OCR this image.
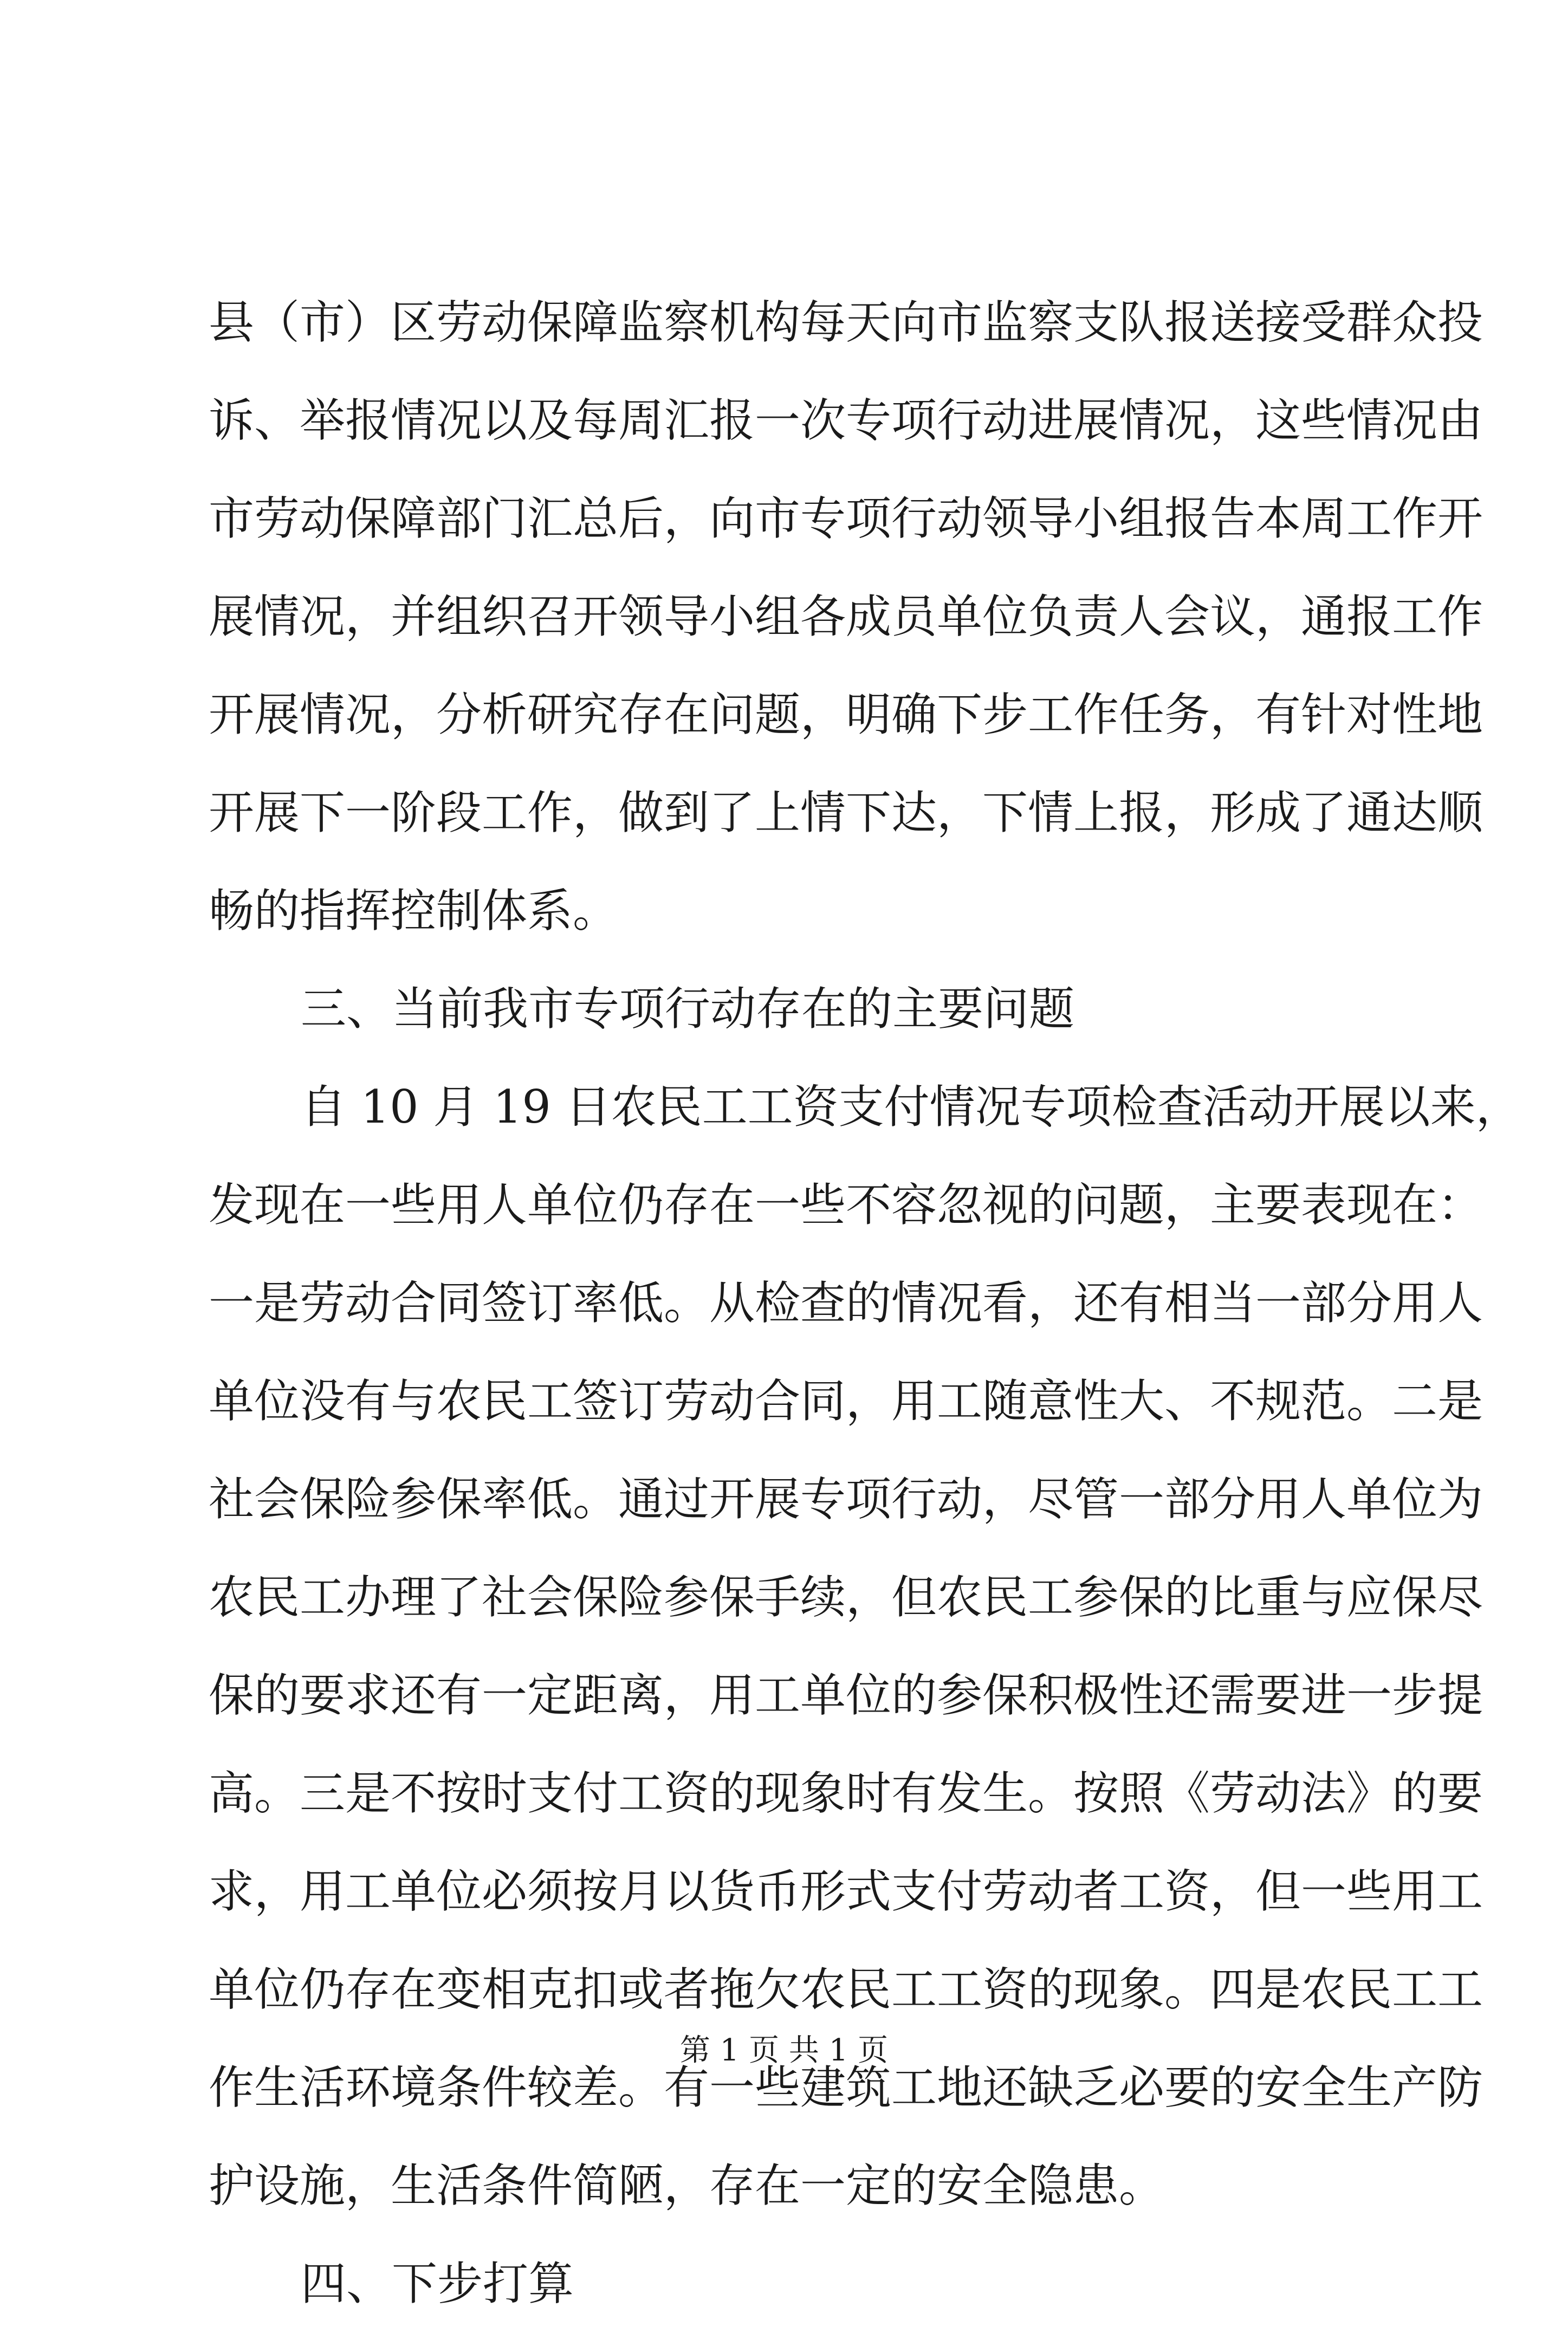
县（市）区劳动保障监察机构每天向市监察支队报送接受群众投
诉、举报情况以及每周汇报一次专项行动进展情况，这些情况由
市劳动保障部门汇总后，向市专项行动领导小组报告本周工作开
展情况，并组织召开领导小组各成员单位负责人会议，通报工作
开展情况，分析研究存在问题，明确下步工作任务，有针对性地
开展下一阶段工作，做到了上情下达，下情上报，形成了通达顺
畅的指挥控制体系。
三、当前我市专项行动存在的主要问题
自 10 月 19 日农民工工资支付情况专项检查活动开展以来，
发现在一些用人单位仍存在一些不容忽视的问题，主要表现在：
一是劳动合同签订率低。从检查的情况看，还有相当一部分用人
单位没有与农民工签订劳动合同，用工随意性大、不规范。二是
社会保险参保率低。通过开展专项行动，尽管一部分用人单位为
农民工办理了社会保险参保手续，但农民工参保的比重与应保尽
保的要求还有一定距离，用工单位的参保积极性还需要进一步提
高。三是不按时支付工资的现象时有发生。按照《劳动法》的要
求，用工单位必须按月以货币形式支付劳动者工资，但一些用工
单位仍存在变相克扣或者拖欠农民工工资的现象。四是农民工工
作生活环境条件较差。有一些建筑工地还缺乏必要的安全生产防
护设施，生活条件简陋，存在一定的安全隐患。
四、下步打算
第 1 页 共 1 页
